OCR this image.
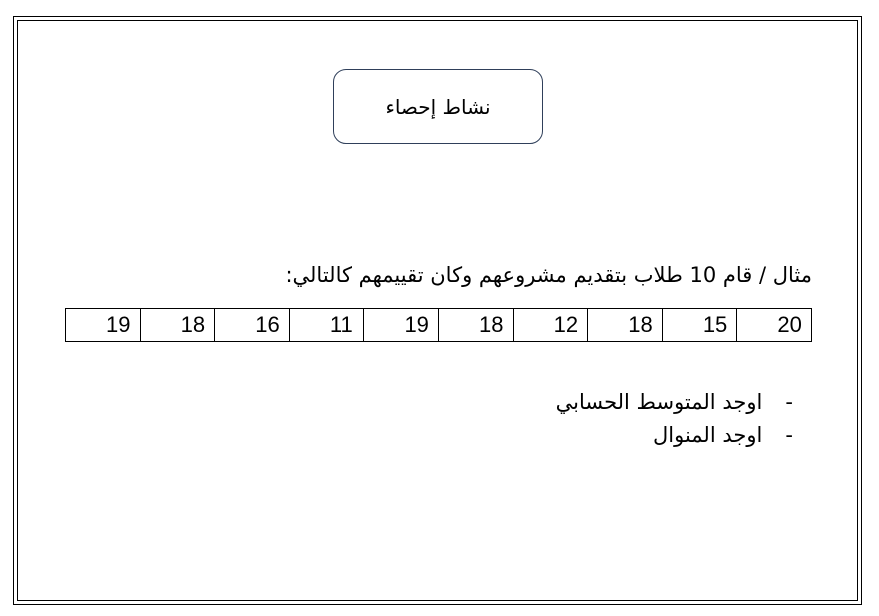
نشاط إحصاء
مثال / قام 10 طلاب بتقديم مشروعهم وكان تقييمهم كالتالي:
20	15	18	12	18	19	11	16	18	19
- اوجد المتوسط الحسابي
- اوجد المنوال
